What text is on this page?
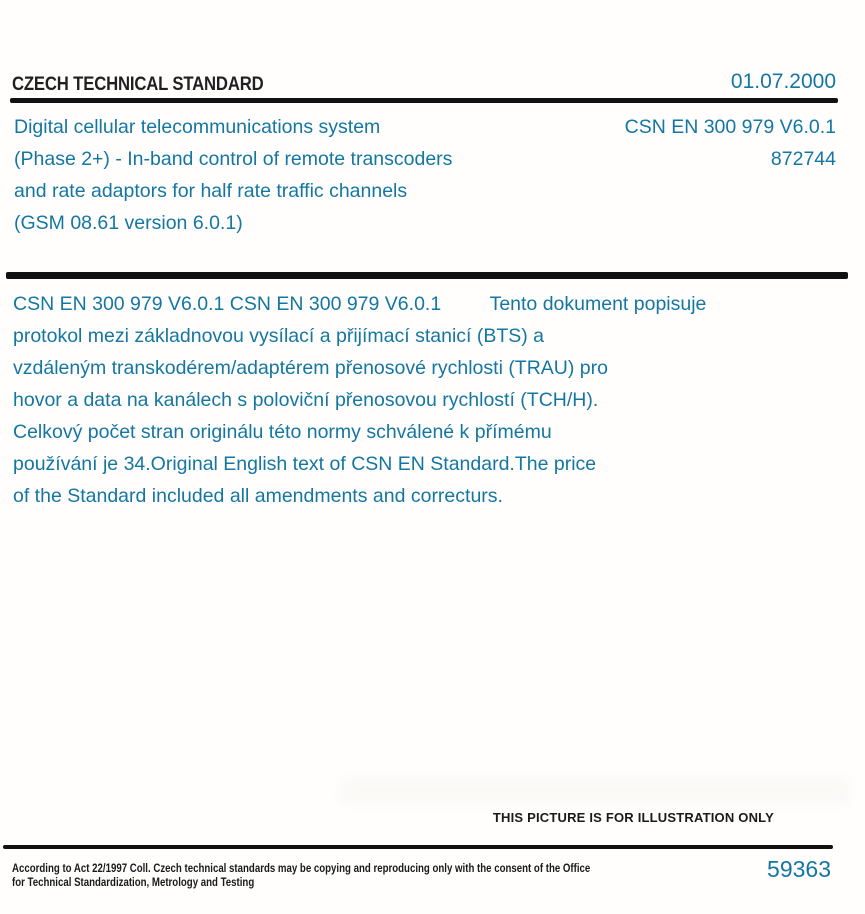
CZECH TECHNICAL STANDARD	01.07.2000
Digital cellular telecommunications system
(Phase 2+) - In-band control of remote transcoders
and rate adaptors for half rate traffic channels
(GSM 08.61 version 6.0.1)
CSN EN 300 979 V6.0.1
872744
CSN EN 300 979 V6.0.1 CSN EN 300 979 V6.0.1         Tento dokument popisuje
protokol mezi základnovou vysílací a přijímací stanicí (BTS) a
vzdáleným transkodérem/adaptérem přenosové rychlosti (TRAU) pro
hovor a data na kanálech s poloviční přenosovou rychlostí (TCH/H).
Celkový počet stran originálu této normy schválené k přímému
používání je 34.Original English text of CSN EN Standard.The price
of the Standard included all amendments and correcturs.
THIS PICTURE IS FOR ILLUSTRATION ONLY
According to Act 22/1997 Coll. Czech technical standards may be copying and reproducing only with the consent of the Office
for Technical Standardization, Metrology and Testing
59363
